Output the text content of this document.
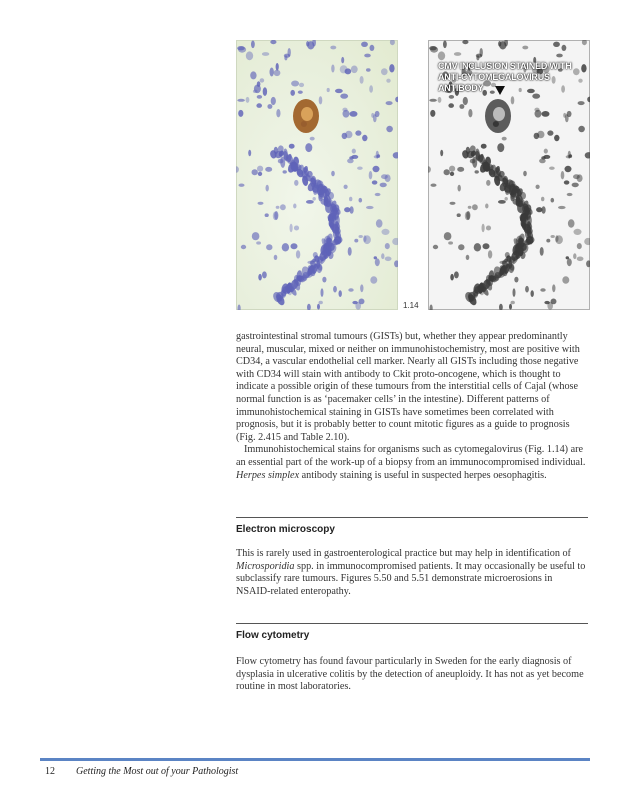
CMV INCLUSION STAINED WITH
ANTI-CYTOMEGALOVIRUS ANTIBODY
1.14

gastrointestinal stromal tumours (GISTs) but, whether they appear predominantly neural, muscular, mixed or neither on immunohistochemistry, most are positive with CD34, a vascular endothelial cell marker. Nearly all GISTs including those negative with CD34 will stain with antibody to Ckit proto-oncogene, which is thought to indicate a possible origin of these tumours from the interstitial cells of Cajal (whose normal function is as ‘pacemaker cells’ in the intestine). Different patterns of immunohistochemical staining in GISTs have sometimes been correlated with prognosis, but it is probably better to count mitotic figures as a guide to prognosis (Fig. 2.415 and Table 2.10).

Immunohistochemical stains for organisms such as cytomegalovirus (Fig. 1.14) are an essential part of the work-up of a biopsy from an immunocompromised individual. Herpes simplex antibody staining is useful in suspected herpes oesophagitis.

Electron microscopy

This is rarely used in gastroenterological practice but may help in identification of Microsporidia spp. in immunocompromised patients. It may occasionally be useful to subclassify rare tumours. Figures 5.50 and 5.51 demonstrate microerosions in NSAID-related enteropathy.

Flow cytometry

Flow cytometry has found favour particularly in Sweden for the early diagnosis of dysplasia in ulcerative colitis by the detection of aneuploidy. It has not as yet become routine in most laboratories.

12 Getting the Most out of your Pathologist
